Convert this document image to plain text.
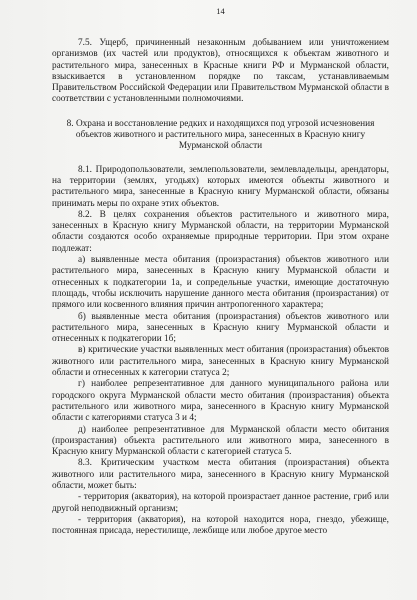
14

7.5. Ущерб, причиненный незаконным добыванием или уничтожением организмов (их частей или продуктов), относящихся к объектам животного и растительного мира, занесенных в Красные книги РФ и Мурманской области, взыскивается в установленном порядке по таксам, устанавливаемым Правительством Российской Федерации или Правительством Мурманской области в соответствии с установленными полномочиями.

8. Охрана и восстановление редких и находящихся под угрозой исчезновения объектов животного и растительного мира, занесенных в Красную книгу Мурманской области

8.1. Природопользователи, землепользователи, землевладельцы, арендаторы, на территории (землях, угодьях) которых имеются объекты животного и растительного мира, занесенные в Красную книгу Мурманской области, обязаны принимать меры по охране этих объектов.

8.2. В целях сохранения объектов растительного и животного мира, занесенных в Красную книгу Мурманской области, на территории Мурманской области создаются особо охраняемые природные территории. При этом охране подлежат:

а) выявленные места обитания (произрастания) объектов животного или растительного мира, занесенных в Красную книгу Мурманской области и отнесенных к подкатегории 1а, и сопредельные участки, имеющие достаточную площадь, чтобы исключить нарушение данного места обитания (произрастания) от прямого или косвенного влияния причин антропогенного характера;

б) выявленные места обитания (произрастания) объектов животного или растительного мира, занесенных в Красную книгу Мурманской области и отнесенных к подкатегории 1б;

в) критические участки выявленных мест обитания (произрастания) объектов животного или растительного мира, занесенных в Красную книгу Мурманской области и отнесенных к категории статуса 2;

г) наиболее репрезентативное для данного муниципального района или городского округа Мурманской области место обитания (произрастания) объекта растительного или животного мира, занесенного в Красную книгу Мурманской области с категориями статуса 3 и 4;

д) наиболее репрезентативное для Мурманской области место обитания (произрастания) объекта растительного или животного мира, занесенного в Красную книгу Мурманской области с категорией статуса 5.

8.3. Критическим участком места обитания (произрастания) объекта животного или растительного мира, занесенного в Красную книгу Мурманской области, может быть:

- территория (акватория), на которой произрастает данное растение, гриб или другой неподвижный организм;

- территория (акватория), на которой находится нора, гнездо, убежище, постоянная присада, нерестилище, лежбище или любое другое место
